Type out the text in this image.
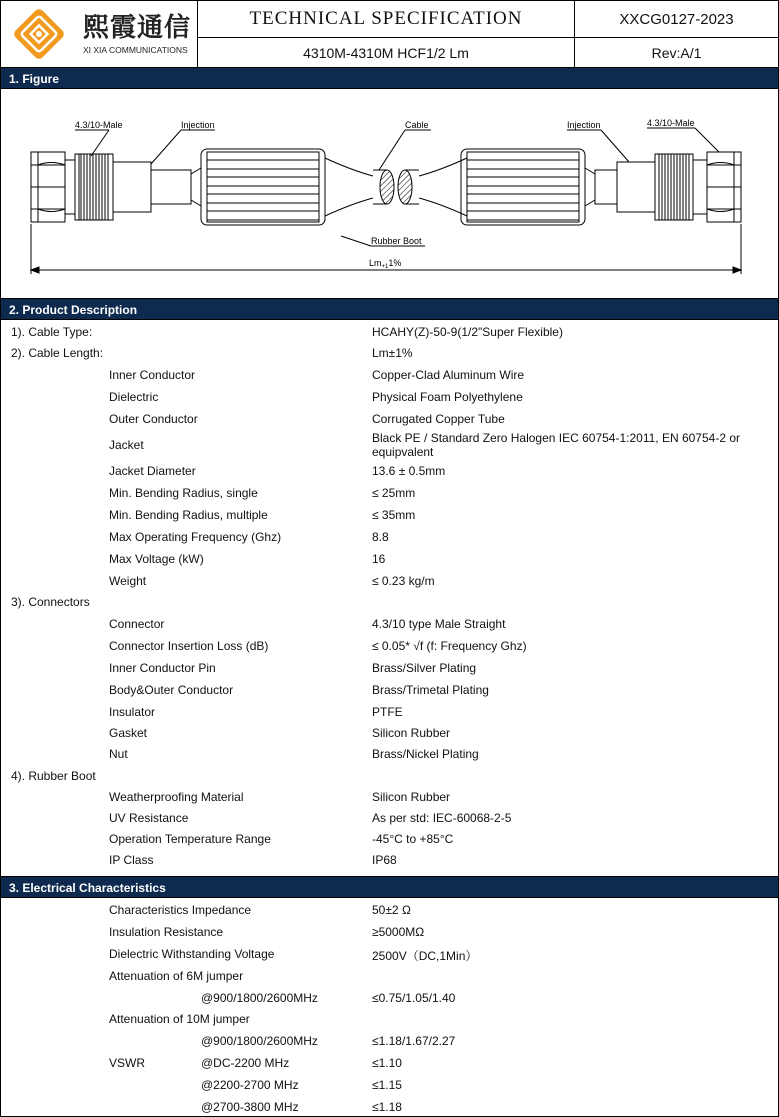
熙霞通信
XI XIA COMMUNICATIONS
TECHNICAL SPECIFICATION	XXCG0127-2023
4310M-4310M HCF1/2 Lm	Rev:A/1
1. Figure
4.3/10-Male	Injection	Cable	Injection	4.3/10-Male
Rubber Boot
$Lm_{+1}1\%$
2. Product Description
1). Cable Type:	HCAHY(Z)-50-9(1/2"Super Flexible)
2). Cable Length:	Lm±1%
Inner Conductor	Copper-Clad Aluminum Wire
Dielectric	Physical Foam Polyethylene
Outer Conductor	Corrugated Copper Tube
Jacket	Black PE / Standard Zero Halogen IEC 60754-1:2011, EN 60754-2 or equipvalent
Jacket Diameter	13.6 ± 0.5mm
Min. Bending Radius, single	≤ 25mm
Min. Bending Radius, multiple	≤ 35mm
Max Operating Frequency (Ghz)	8.8
Max Voltage (kW)	16
Weight	≤ 0.23 kg/m
3). Connectors
Connector	4.3/10 type Male Straight
Connector Insertion Loss (dB)	≤ 0.05* √f (f: Frequency Ghz)
Inner Conductor Pin	Brass/Silver Plating
Body&Outer Conductor	Brass/Trimetal Plating
Insulator	PTFE
Gasket	Silicon Rubber
Nut	Brass/Nickel Plating
4). Rubber Boot
Weatherproofing Material	Silicon Rubber
UV Resistance	As per std: IEC-60068-2-5
Operation Temperature Range	-45°C to +85°C
IP Class	IP68
3. Electrical Characteristics
Characteristics Impedance	50±2 Ω
Insulation Resistance	≥5000MΩ
Dielectric Withstanding Voltage	2500V（DC,1Min）
Attenuation of 6M jumper
@900/1800/2600MHz	≤0.75/1.05/1.40
Attenuation of 10M jumper
@900/1800/2600MHz	≤1.18/1.67/2.27
VSWR	@DC-2200 MHz	≤1.10
@2200-2700 MHz	≤1.15
@2700-3800 MHz	≤1.18
